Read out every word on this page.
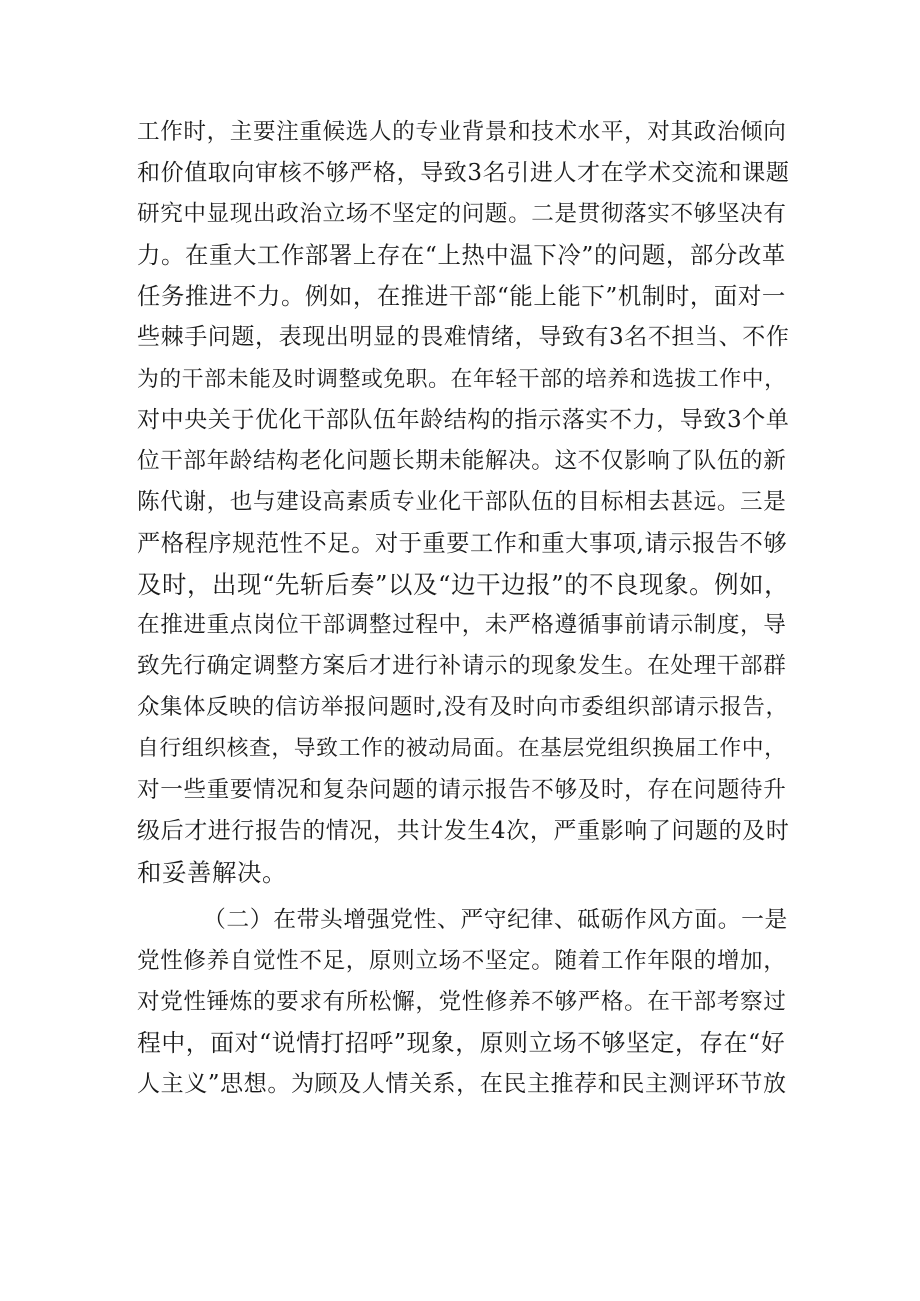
工作时，主要注重候选人的专业背景和技术水平，对其政治倾向
和价值取向审核不够严格，导致3名引进人才在学术交流和课题
研究中显现出政治立场不坚定的问题。二是贯彻落实不够坚决有
力。在重大工作部署上存在“上热中温下冷”的问题，部分改革
任务推进不力。例如，在推进干部“能上能下”机制时，面对一
些棘手问题，表现出明显的畏难情绪，导致有3名不担当、不作
为的干部未能及时调整或免职。在年轻干部的培养和选拔工作中，
对中央关于优化干部队伍年龄结构的指示落实不力，导致3个单
位干部年龄结构老化问题长期未能解决。这不仅影响了队伍的新
陈代谢，也与建设高素质专业化干部队伍的目标相去甚远。三是
严格程序规范性不足。对于重要工作和重大事项,请示报告不够
及时，出现“先斩后奏”以及“边干边报”的不良现象。例如，
在推进重点岗位干部调整过程中，未严格遵循事前请示制度，导
致先行确定调整方案后才进行补请示的现象发生。在处理干部群
众集体反映的信访举报问题时,没有及时向市委组织部请示报告，
自行组织核查，导致工作的被动局面。在基层党组织换届工作中，
对一些重要情况和复杂问题的请示报告不够及时，存在问题待升
级后才进行报告的情况，共计发生4次，严重影响了问题的及时
和妥善解决。
（二）在带头增强党性、严守纪律、砥砺作风方面。一是
党性修养自觉性不足，原则立场不坚定。随着工作年限的增加，
对党性锤炼的要求有所松懈，党性修养不够严格。在干部考察过
程中，面对“说情打招呼”现象，原则立场不够坚定，存在“好
人主义”思想。为顾及人情关系，在民主推荐和民主测评环节放
